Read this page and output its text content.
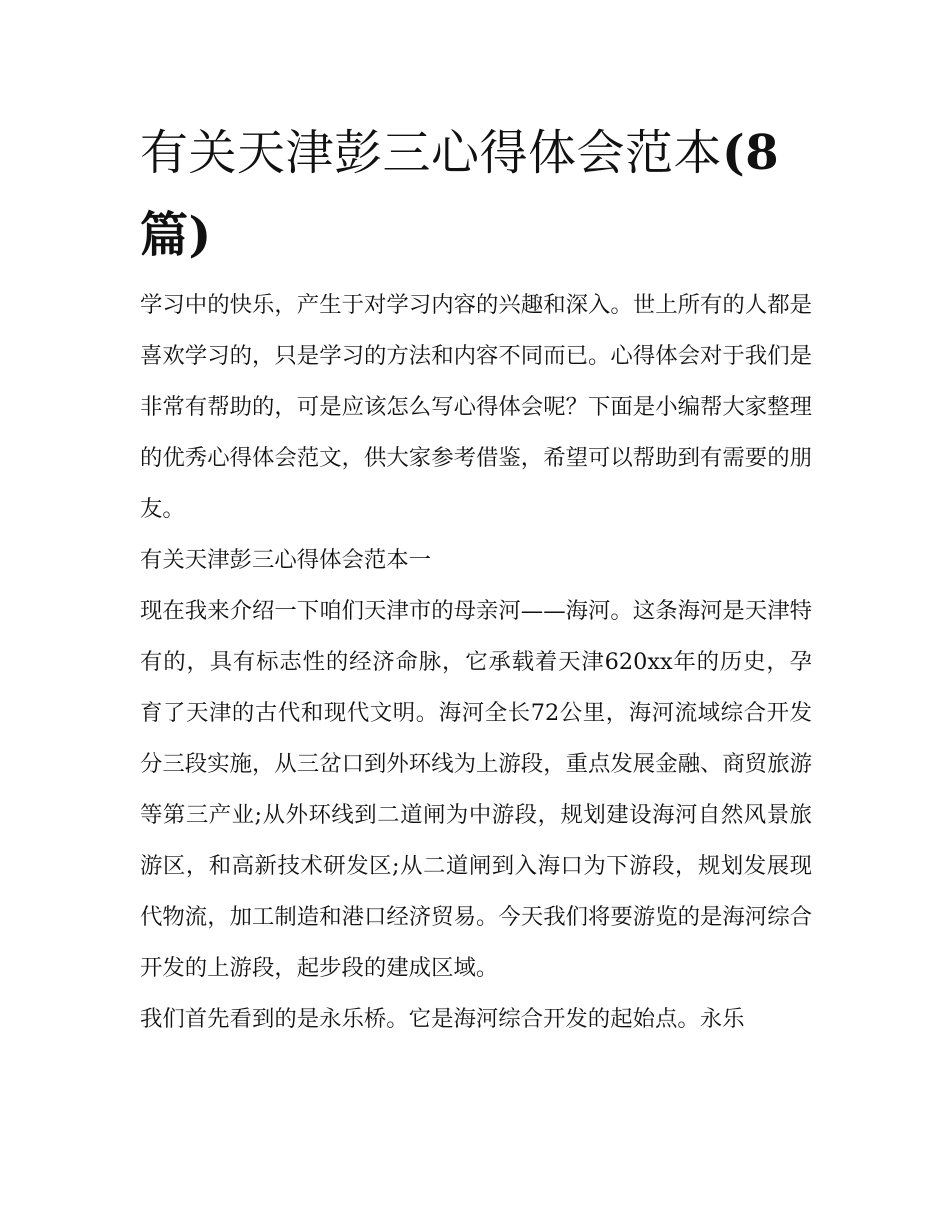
有关天津彭三心得体会范本(8
篇)

学习中的快乐，产生于对学习内容的兴趣和深入。世上所有的人都是喜欢学习的，只是学习的方法和内容不同而已。心得体会对于我们是非常有帮助的，可是应该怎么写心得体会呢？下面是小编帮大家整理的优秀心得体会范文，供大家参考借鉴，希望可以帮助到有需要的朋友。

有关天津彭三心得体会范本一

现在我来介绍一下咱们天津市的母亲河——海河。这条海河是天津特有的，具有标志性的经济命脉，它承载着天津620xx年的历史，孕育了天津的古代和现代文明。海河全长72公里，海河流域综合开发分三段实施，从三岔口到外环线为上游段，重点发展金融、商贸旅游等第三产业;从外环线到二道闸为中游段，规划建设海河自然风景旅游区，和高新技术研发区;从二道闸到入海口为下游段，规划发展现代物流，加工制造和港口经济贸易。今天我们将要游览的是海河综合开发的上游段，起步段的建成区域。

我们首先看到的是永乐桥。它是海河综合开发的起始点。永乐
